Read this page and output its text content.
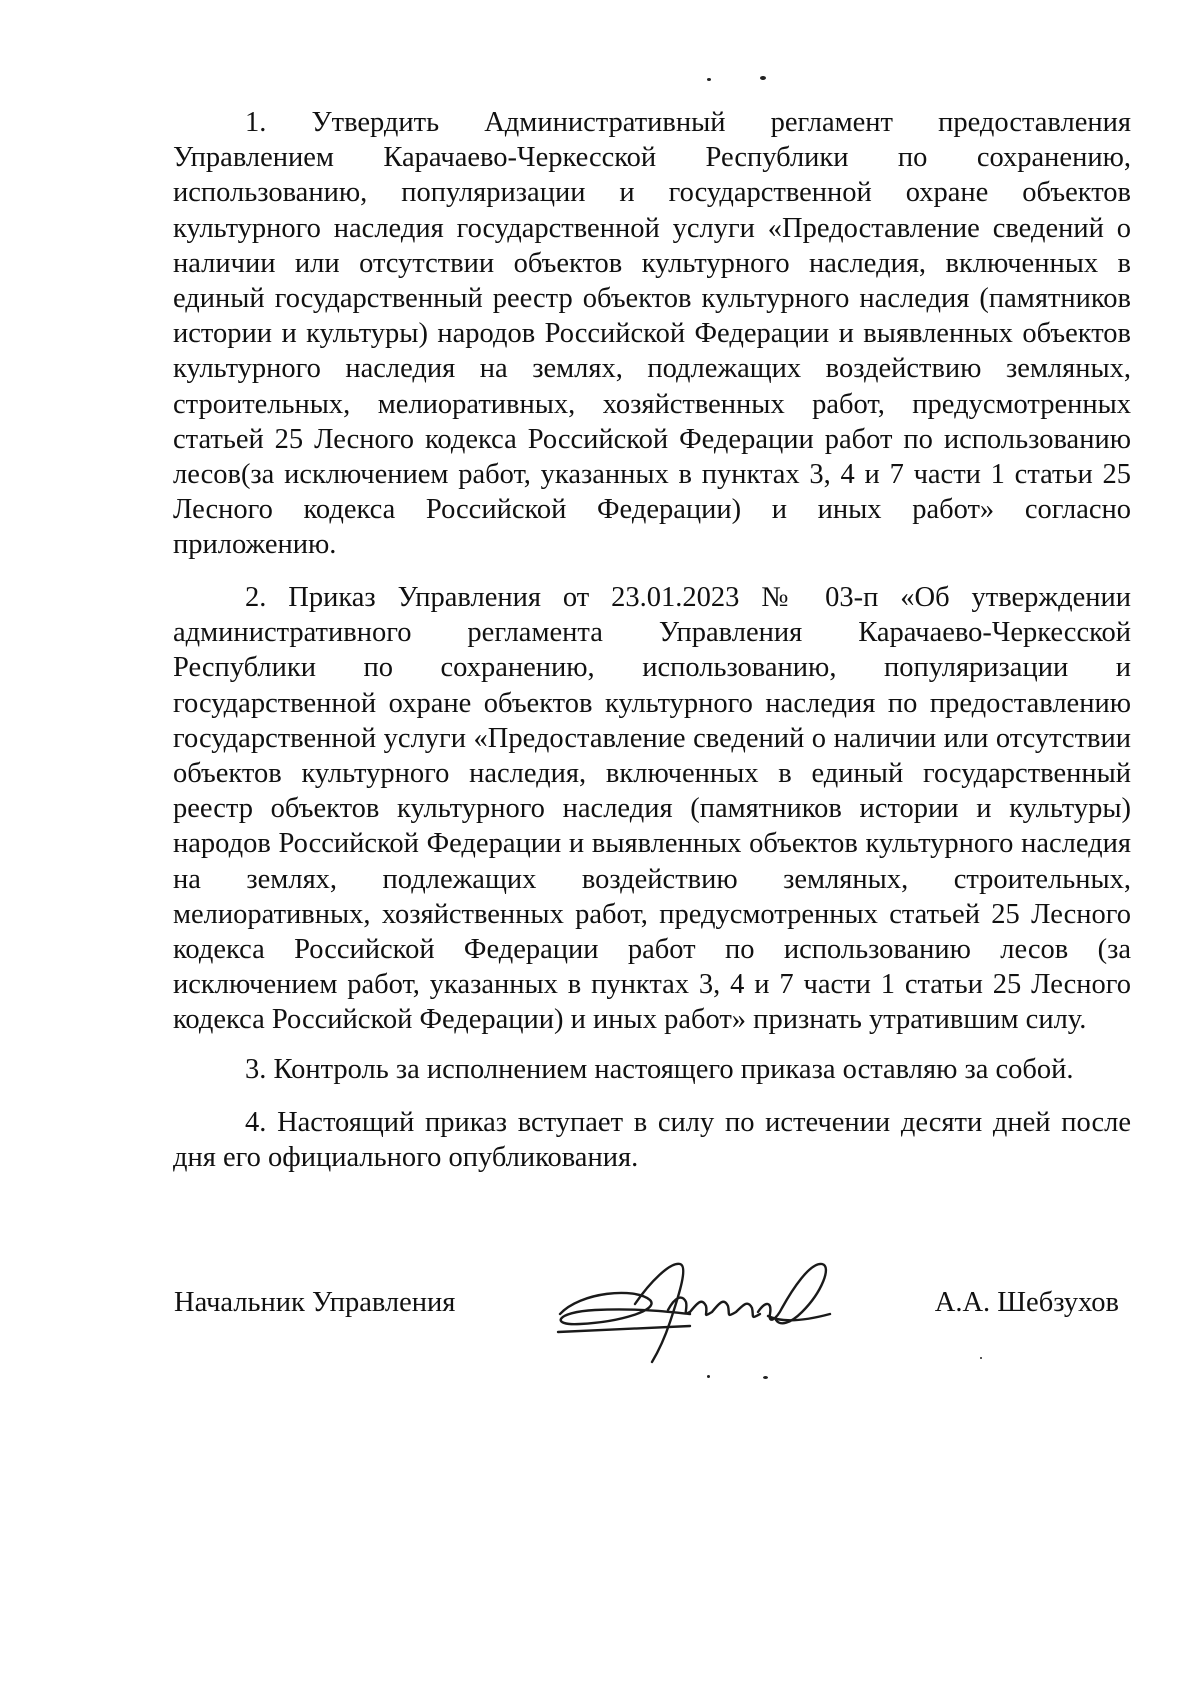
1. Утвердить Административный регламент предоставления Управлением Карачаево-Черкесской Республики по сохранению, использованию, популяризации и государственной охране объектов культурного наследия государственной услуги «Предоставление сведений о наличии или отсутствии объектов культурного наследия, включенных в единый государственный реестр объектов культурного наследия (памятников истории и культуры) народов Российской Федерации и выявленных объектов культурного наследия на землях, подлежащих воздействию земляных, строительных, мелиоративных, хозяйственных работ, предусмотренных статьей 25 Лесного кодекса Российской Федерации работ по использованию лесов(за исключением работ, указанных в пунктах 3, 4 и 7 части 1 статьи 25 Лесного кодекса Российской Федерации) и иных работ» согласно приложению.

2. Приказ Управления от 23.01.2023 № 03-п «Об утверждении административного регламента Управления Карачаево-Черкесской Республики по сохранению, использованию, популяризации и государственной охране объектов культурного наследия по предоставлению государственной услуги «Предоставление сведений о наличии или отсутствии объектов культурного наследия, включенных в единый государственный реестр объектов культурного наследия (памятников истории и культуры) народов Российской Федерации и выявленных объектов культурного наследия на землях, подлежащих воздействию земляных, строительных, мелиоративных, хозяйственных работ, предусмотренных статьей 25 Лесного кодекса Российской Федерации работ по использованию лесов (за исключением работ, указанных в пунктах 3, 4 и 7 части 1 статьи 25 Лесного кодекса Российской Федерации) и иных работ» признать утратившим силу.

3. Контроль за исполнением настоящего приказа оставляю за собой.

4. Настоящий приказ вступает в силу по истечении десяти дней после дня его официального опубликования.

Начальник Управления	А.А. Шебзухов
